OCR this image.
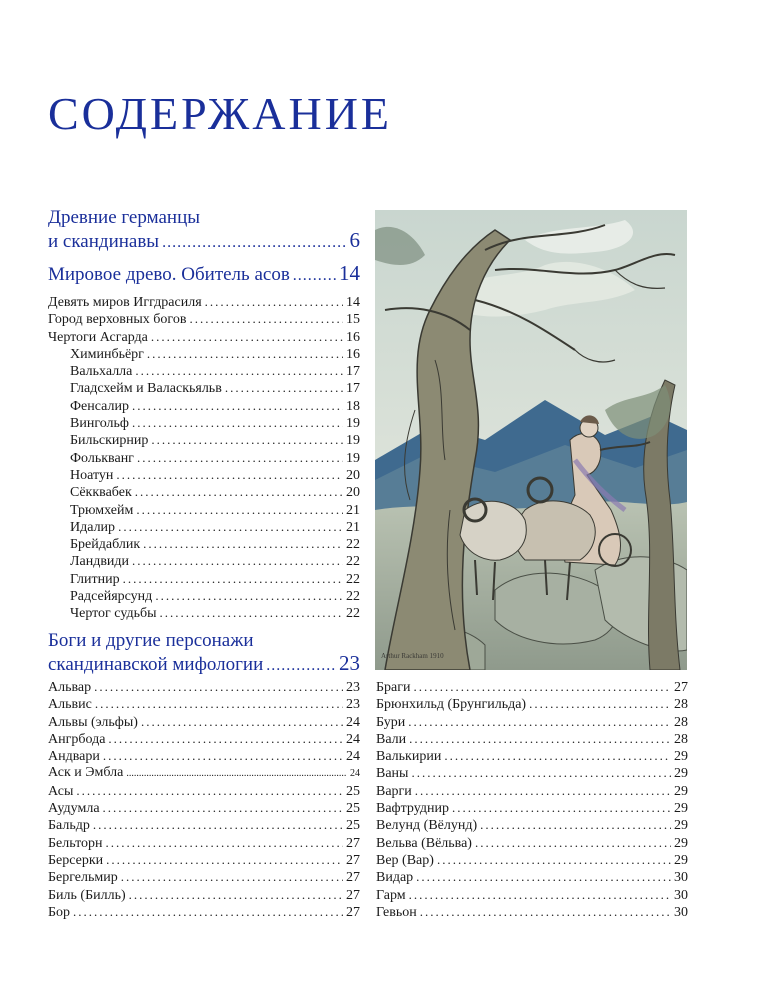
СОДЕРЖАНИЕ
Древние германцы
и скандинавы .....	6
Мировое древо. Обитель асов ..... 14
Девять миров Иггдрасиля .....	14
Город верховных богов .....	15
Чертоги Асгарда .....	16
Химинбьёрг .....	16
Вальхалла .....	17
Гладсхейм и Валаскьяльв .....	17
Фенсалир .....	18
Вингольф .....	19
Бильскирнир .....	19
Фолькванг .....	19
Ноатун .....	20
Сёкквабек .....	20
Трюмхейм .....	21
Идалир .....	21
Брейдаблик .....	22
Ландвиди .....	22
Глитнир .....	22
Радсейярсунд .....	22
Чертог судьбы .....	22
Боги и другие персонажи
скандинавской мифологии .....	23
Альвар .....	23
Альвис .....	23
Альвы (эльфы) .....	24
Ангрбода .....	24
Андвари .....	24
Аск и Эмбла .....	24
Асы .....	25
Аудумла .....	25
Бальдр .....	25
Бельторн .....	27
Берсерки .....	27
Бергельмир .....	27
Биль (Билль) .....	27
Бор .....	27
Браги .....	27
Брюнхильд (Брунгильда) .....	28
Бури .....	28
Вали .....	28
Валькирии .....	29
Ваны .....	29
Варги .....	29
Вафтруднир .....	29
Велунд (Вёлунд) .....	29
Вельва (Вёльва) .....	29
Вер (Вар) .....	29
Видар .....	30
Гарм .....	30
Гевьон .....	30
Arthur Rackham 1910
